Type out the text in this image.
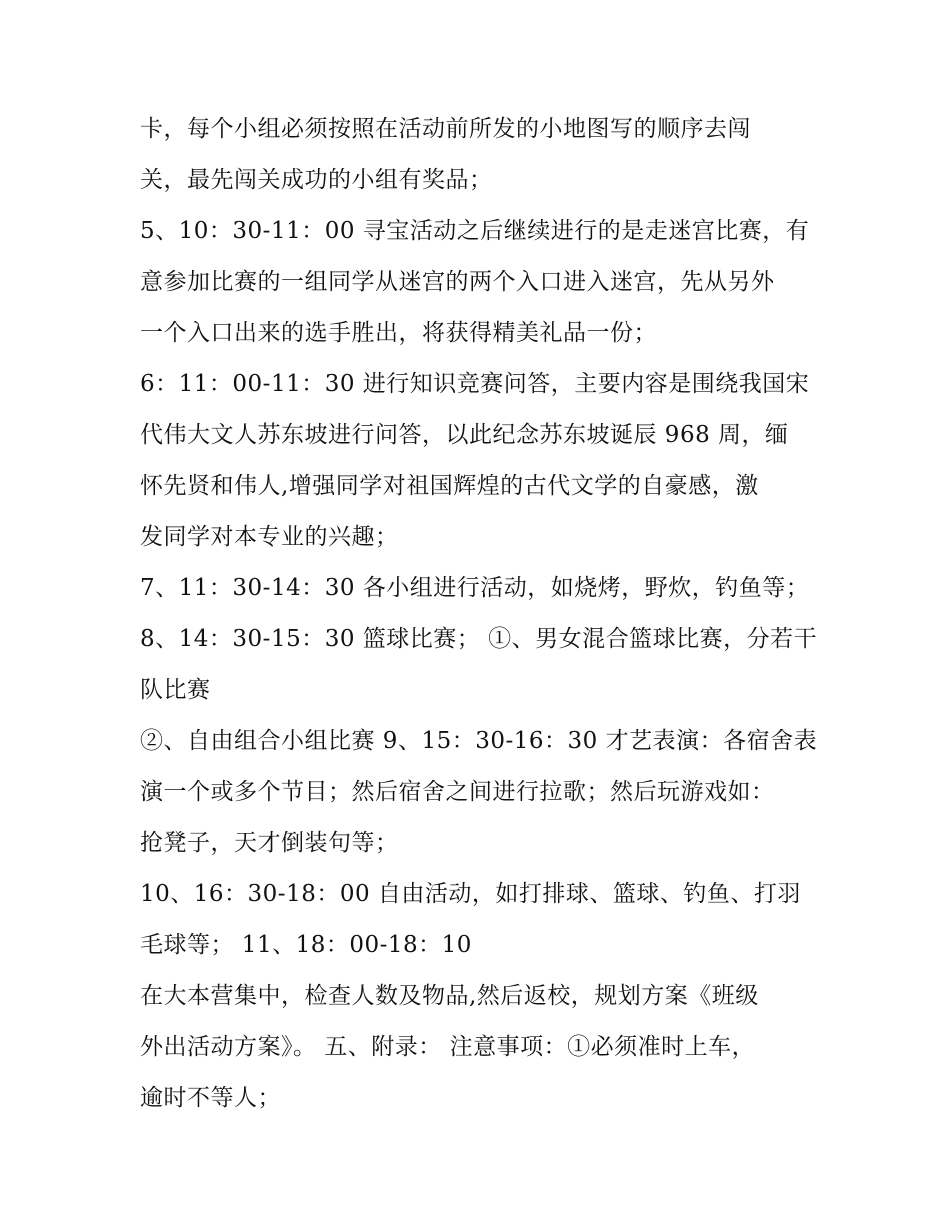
卡，每个小组必须按照在活动前所发的小地图写的顺序去闯
关，最先闯关成功的小组有奖品；
5、10：30-11：00 寻宝活动之后继续进行的是走迷宫比赛，有
意参加比赛的一组同学从迷宫的两个入口进入迷宫，先从另外
一个入口出来的选手胜出，将获得精美礼品一份；
6：11：00-11：30 进行知识竞赛问答，主要内容是围绕我国宋
代伟大文人苏东坡进行问答，以此纪念苏东坡诞辰 968 周，缅
怀先贤和伟人,增强同学对祖国辉煌的古代文学的自豪感，激
发同学对本专业的兴趣；
7、11：30-14：30 各小组进行活动，如烧烤，野炊，钓鱼等；
8、14：30-15：30 篮球比赛； ①、男女混合篮球比赛，分若干
队比赛
②、自由组合小组比赛 9、15：30-16：30 才艺表演：各宿舍表
演一个或多个节目；然后宿舍之间进行拉歌；然后玩游戏如：
抢凳子，天才倒装句等；
10、16：30-18：00 自由活动，如打排球、篮球、钓鱼、打羽
毛球等； 11、18：00-18：10
在大本营集中，检查人数及物品,然后返校，规划方案《班级
外出活动方案》。 五、附录： 注意事项：①必须准时上车，
逾时不等人；
